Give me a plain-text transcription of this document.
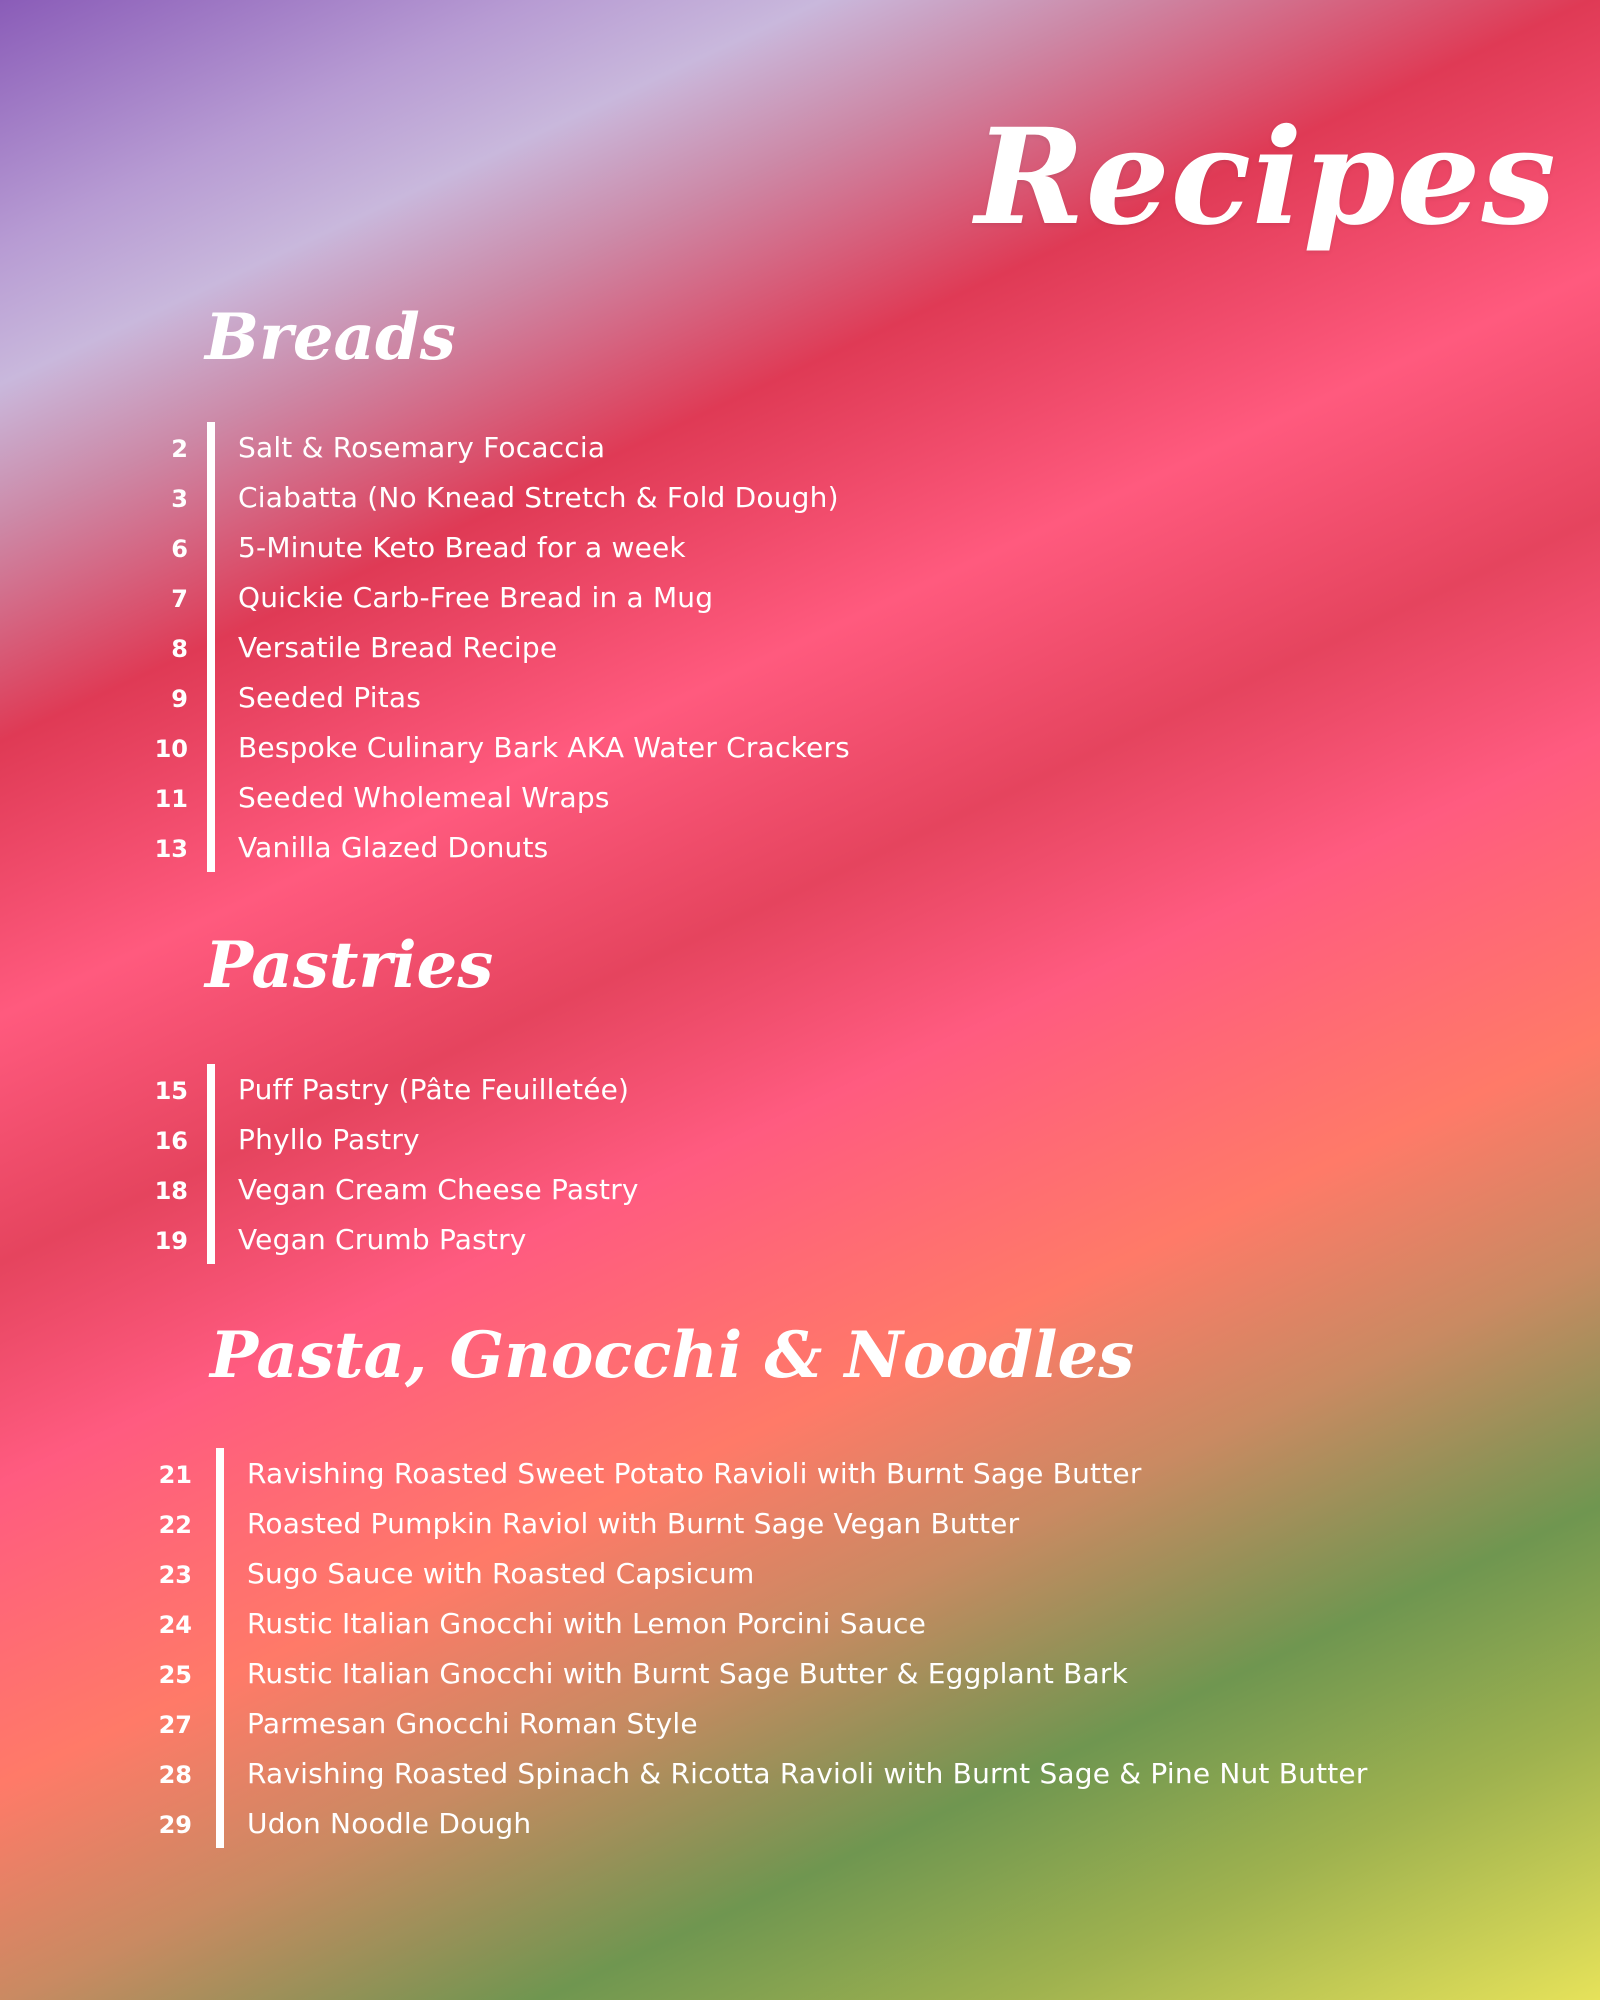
Recipes
Breads
2 Salt & Rosemary Focaccia
3 Ciabatta (No Knead Stretch & Fold Dough)
6 5-Minute Keto Bread for a week
7 Quickie Carb-Free Bread in a Mug
8 Versatile Bread Recipe
9 Seeded Pitas
10 Bespoke Culinary Bark AKA Water Crackers
11 Seeded Wholemeal Wraps
13 Vanilla Glazed Donuts
Pastries
15 Puff Pastry (Pâte Feuilletée)
16 Phyllo Pastry
18 Vegan Cream Cheese Pastry
19 Vegan Crumb Pastry
Pasta, Gnocchi & Noodles
21 Ravishing Roasted Sweet Potato Ravioli with Burnt Sage Butter
22 Roasted Pumpkin Raviol with Burnt Sage Vegan Butter
23 Sugo Sauce with Roasted Capsicum
24 Rustic Italian Gnocchi with Lemon Porcini Sauce
25 Rustic Italian Gnocchi with Burnt Sage Butter & Eggplant Bark
27 Parmesan Gnocchi Roman Style
28 Ravishing Roasted Spinach & Ricotta Ravioli with Burnt Sage & Pine Nut Butter
29 Udon Noodle Dough
